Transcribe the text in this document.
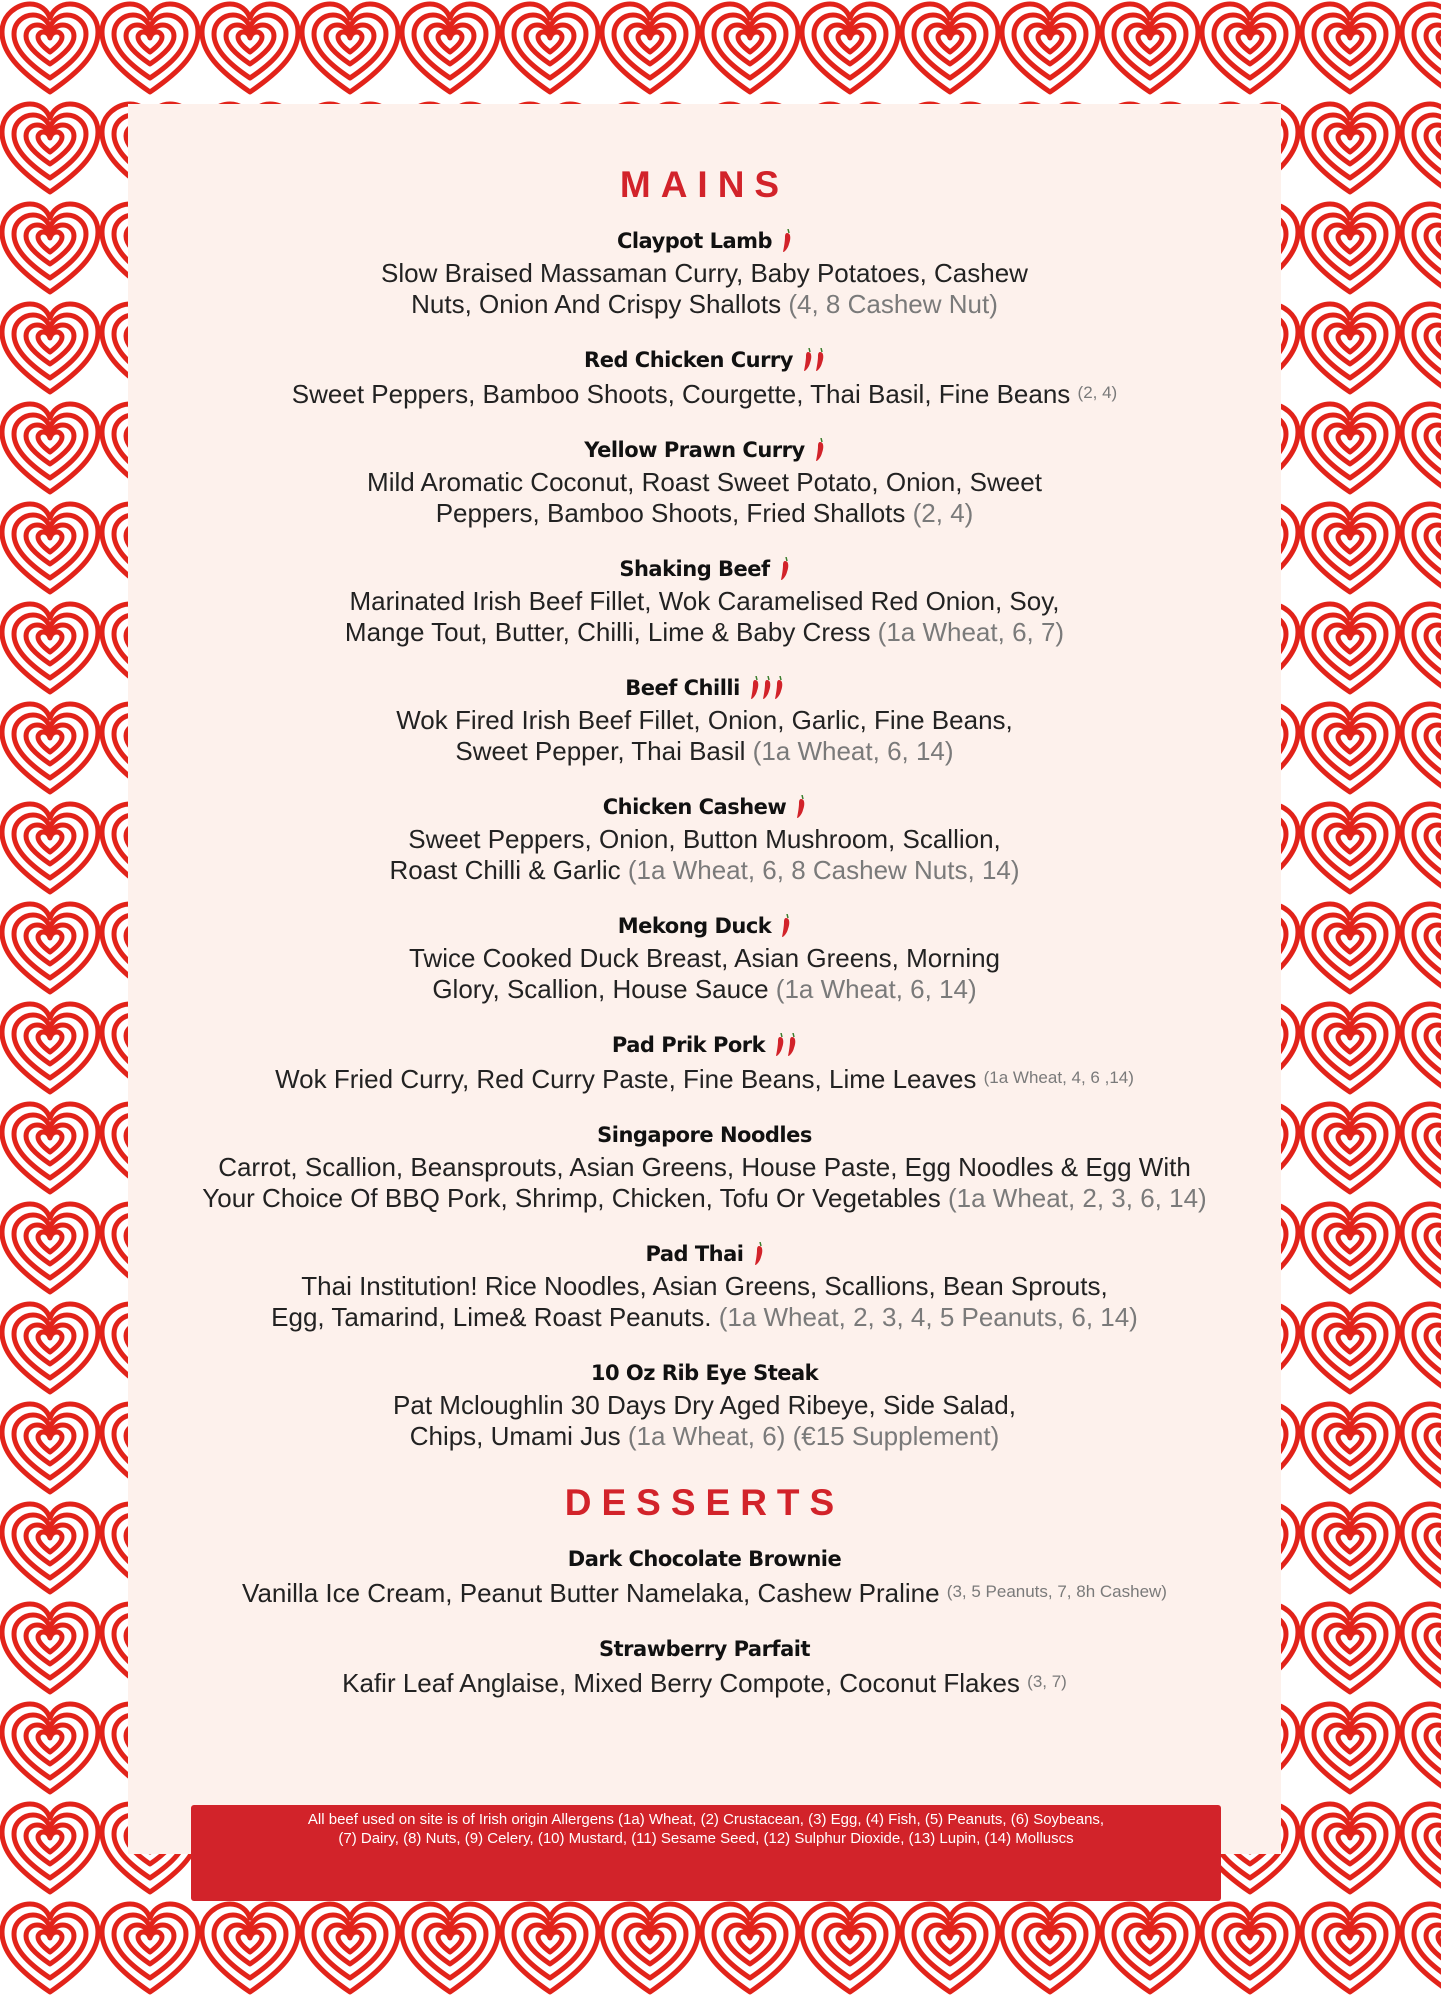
MAINS
Claypot Lamb
Slow Braised Massaman Curry, Baby Potatoes, Cashew
Nuts, Onion And Crispy Shallots (4, 8 Cashew Nut)
Red Chicken Curry
Sweet Peppers, Bamboo Shoots, Courgette, Thai Basil, Fine Beans (2, 4)
Yellow Prawn Curry
Mild Aromatic Coconut, Roast Sweet Potato, Onion, Sweet
Peppers, Bamboo Shoots, Fried Shallots (2, 4)
Shaking Beef
Marinated Irish Beef Fillet, Wok Caramelised Red Onion, Soy,
Mange Tout, Butter, Chilli, Lime & Baby Cress (1a Wheat, 6, 7)
Beef Chilli
Wok Fired Irish Beef Fillet, Onion, Garlic, Fine Beans,
Sweet Pepper, Thai Basil (1a Wheat, 6, 14)
Chicken Cashew
Sweet Peppers, Onion, Button Mushroom, Scallion,
Roast Chilli & Garlic (1a Wheat, 6, 8 Cashew Nuts, 14)
Mekong Duck
Twice Cooked Duck Breast, Asian Greens, Morning
Glory, Scallion, House Sauce (1a Wheat, 6, 14)
Pad Prik Pork
Wok Fried Curry, Red Curry Paste, Fine Beans, Lime Leaves (1a Wheat, 4, 6 ,14)
Singapore Noodles
Carrot, Scallion, Beansprouts, Asian Greens, House Paste, Egg Noodles & Egg With
Your Choice Of BBQ Pork, Shrimp, Chicken, Tofu Or Vegetables (1a Wheat, 2, 3, 6, 14)
Pad Thai
Thai Institution! Rice Noodles, Asian Greens, Scallions, Bean Sprouts,
Egg, Tamarind, Lime& Roast Peanuts. (1a Wheat, 2, 3, 4, 5 Peanuts, 6, 14)
10 Oz Rib Eye Steak
Pat Mcloughlin 30 Days Dry Aged Ribeye, Side Salad,
Chips, Umami Jus (1a Wheat, 6) (€15 Supplement)
DESSERTS
Dark Chocolate Brownie
Vanilla Ice Cream, Peanut Butter Namelaka, Cashew Praline (3, 5 Peanuts, 7, 8h Cashew)
Strawberry Parfait
Kafir Leaf Anglaise, Mixed Berry Compote, Coconut Flakes (3, 7)
All beef used on site is of Irish origin Allergens (1a) Wheat, (2) Crustacean, (3) Egg, (4) Fish, (5) Peanuts, (6) Soybeans,
(7) Dairy, (8) Nuts, (9) Celery, (10) Mustard, (11) Sesame Seed, (12) Sulphur Dioxide, (13) Lupin, (14) Molluscs
